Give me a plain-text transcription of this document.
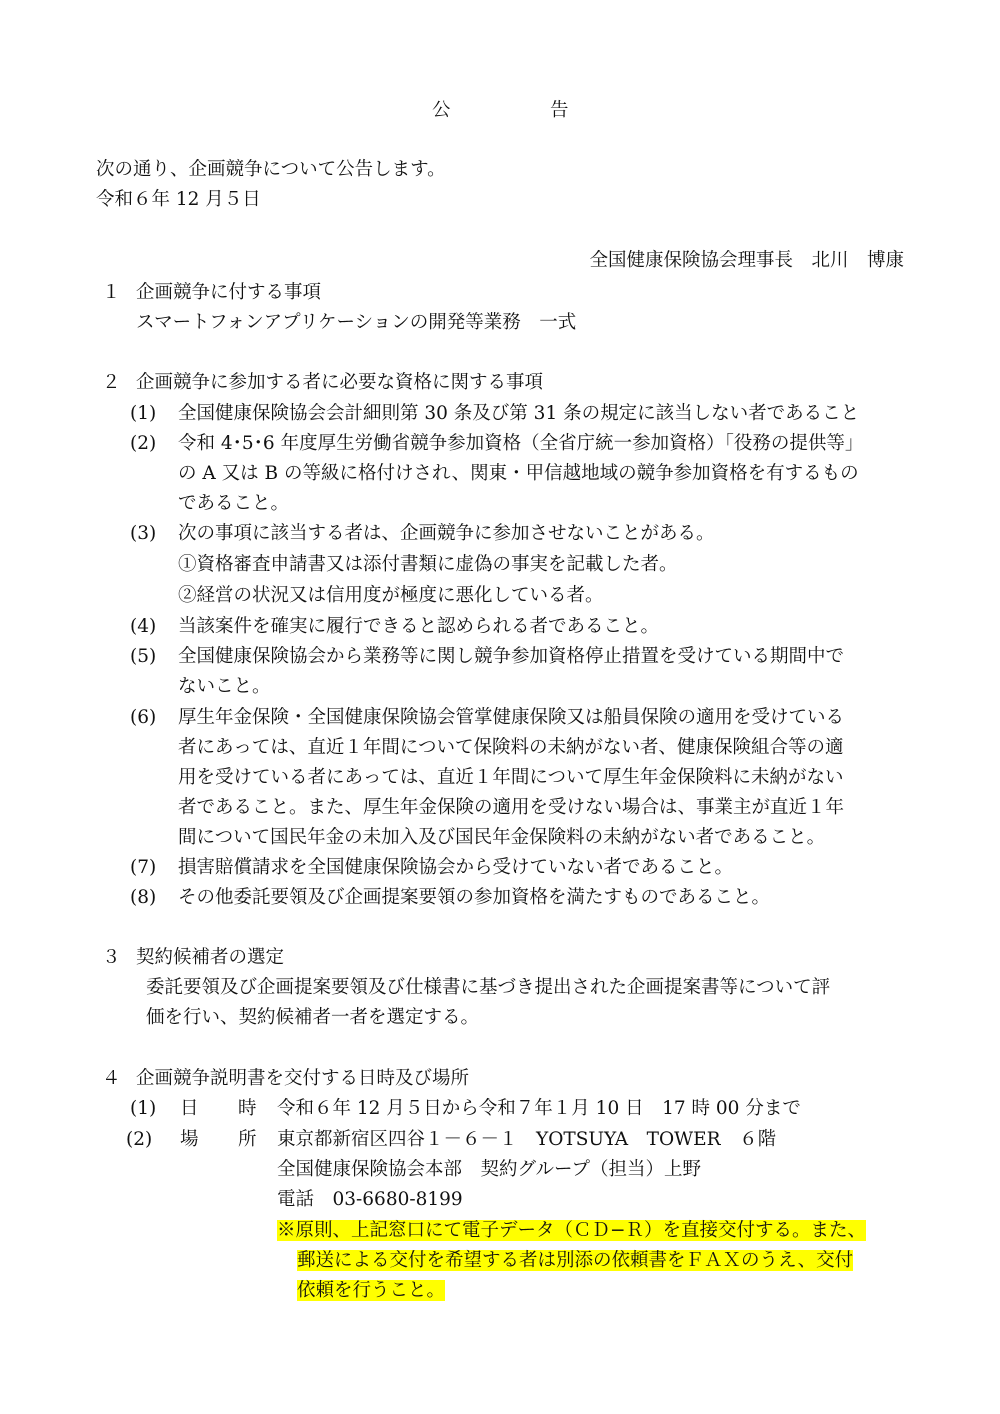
公	告
次の通り、企画競争について公告します。
令和６年 12 月５日
全国健康保険協会理事長　北川　博康
１ 企画競争に付する事項
スマートフォンアプリケーションの開発等業務　一式
２ 企画競争に参加する者に必要な資格に関する事項
(1) 全国健康保険協会会計細則第 30 条及び第 31 条の規定に該当しない者であること
(2) 令和 4･5･6 年度厚生労働省競争参加資格（全省庁統一参加資格）「役務の提供等」
の A 又は B の等級に格付けされ、関東・甲信越地域の競争参加資格を有するもの
であること。
(3) 次の事項に該当する者は、企画競争に参加させないことがある。
①資格審査申請書又は添付書類に虚偽の事実を記載した者。
②経営の状況又は信用度が極度に悪化している者。
(4) 当該案件を確実に履行できると認められる者であること。
(5) 全国健康保険協会から業務等に関し競争参加資格停止措置を受けている期間中で
ないこと。
(6) 厚生年金保険・全国健康保険協会管掌健康保険又は船員保険の適用を受けている
者にあっては、直近１年間について保険料の未納がない者、健康保険組合等の適
用を受けている者にあっては、直近１年間について厚生年金保険料に未納がない
者であること。また、厚生年金保険の適用を受けない場合は、事業主が直近１年
間について国民年金の未加入及び国民年金保険料の未納がない者であること。
(7) 損害賠償請求を全国健康保険協会から受けていない者であること。
(8) その他委託要領及び企画提案要領の参加資格を満たすものであること。
３ 契約候補者の選定
委託要領及び企画提案要領及び仕様書に基づき提出された企画提案書等について評
価を行い、契約候補者一者を選定する。
４ 企画競争説明書を交付する日時及び場所
(1) 日 時 令和６年 12 月５日から令和７年１月 10 日　17 時 00 分まで
(2) 場 所 東京都新宿区四谷１－６－１　YOTSUYA　TOWER　６階
全国健康保険協会本部　契約グループ（担当）上野
電話　03-6680-8199
※原則、上記窓口にて電子データ（ＣＤ−Ｒ）を直接交付する。また、
郵送による交付を希望する者は別添の依頼書をＦＡＸのうえ、交付
依頼を行うこと。
